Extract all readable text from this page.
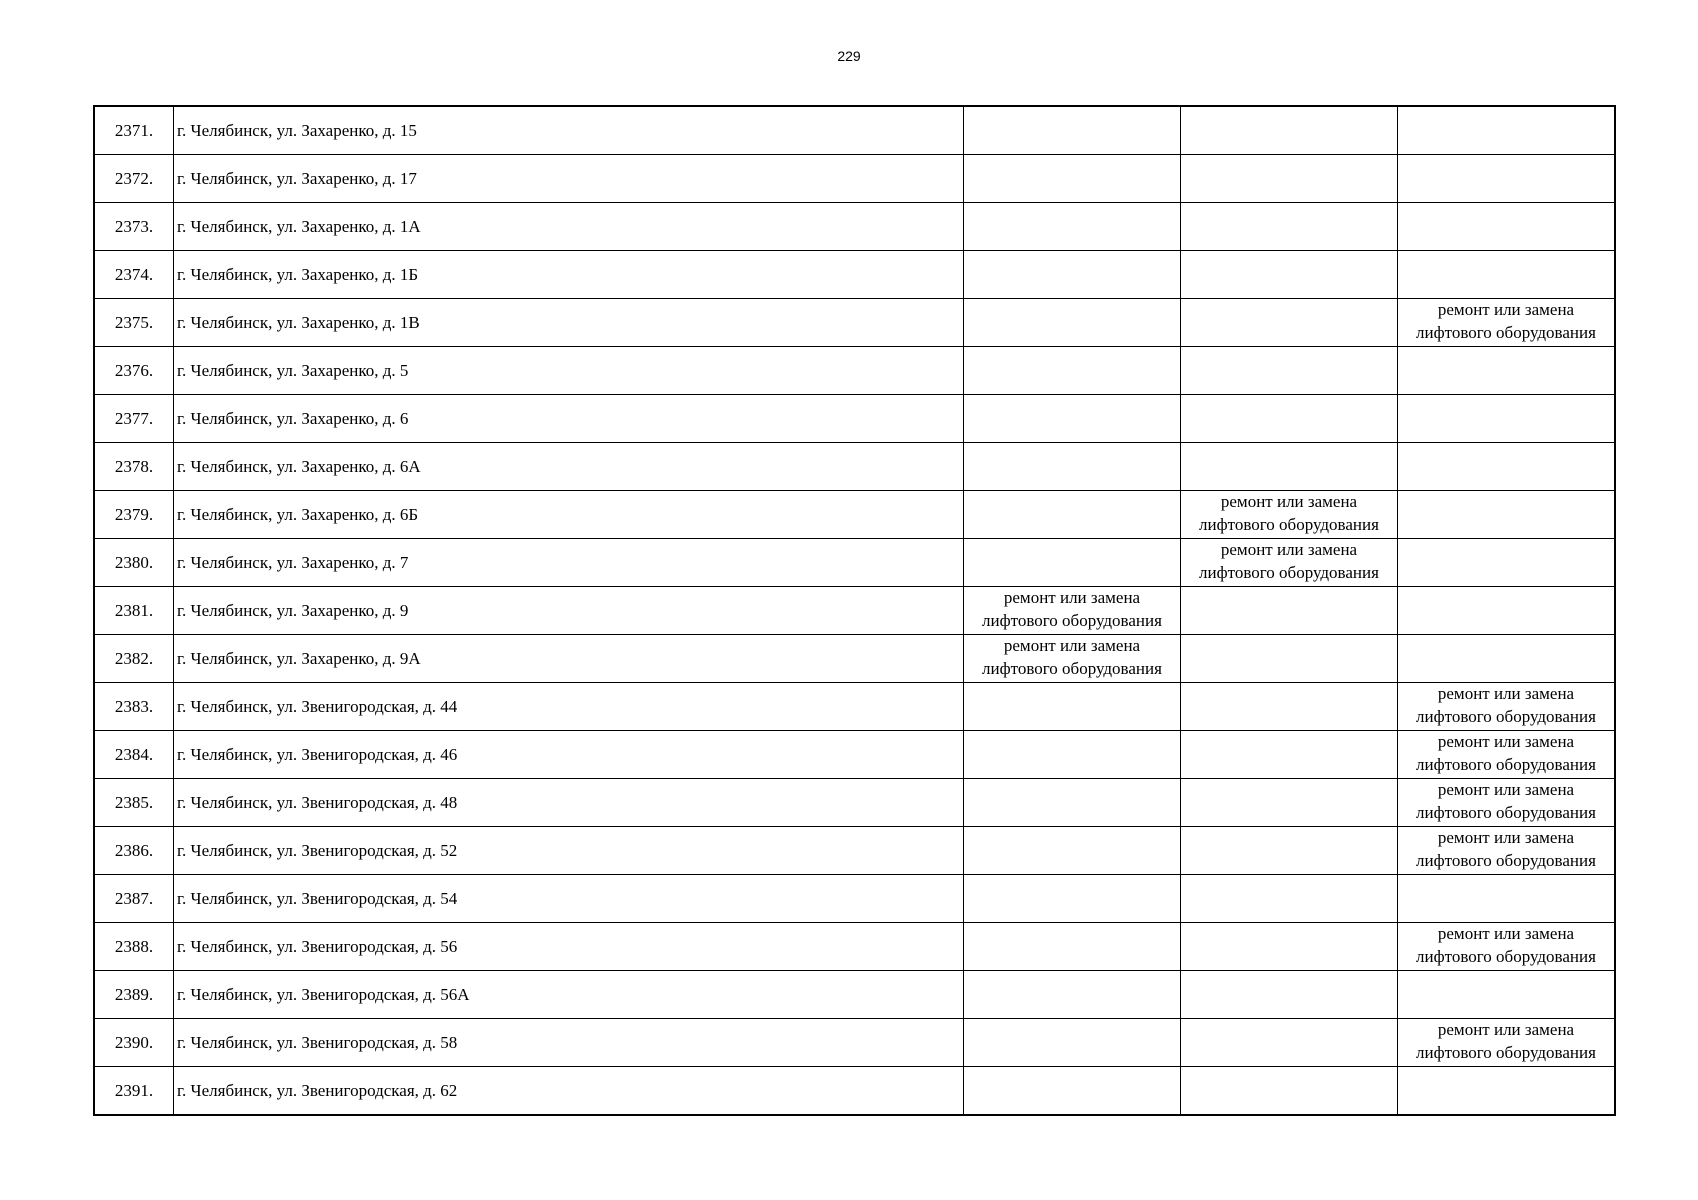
229
2371.	г. Челябинск, ул. Захаренко, д. 15	

2372.	г. Челябинск, ул. Захаренко, д. 17	

2373.	г. Челябинск, ул. Захаренко, д. 1А	

2374.	г. Челябинск, ул. Захаренко, д. 1Б	

2375.	г. Челябинск, ул. Захаренко, д. 1В			ремонт или замена
лифтового оборудования

2376.	г. Челябинск, ул. Захаренко, д. 5	

2377.	г. Челябинск, ул. Захаренко, д. 6	

2378.	г. Челябинск, ул. Захаренко, д. 6А	

2379.	г. Челябинск, ул. Захаренко, д. 6Б		ремонт или замена
лифтового оборудования	

2380.	г. Челябинск, ул. Захаренко, д. 7		ремонт или замена
лифтового оборудования	

2381.	г. Челябинск, ул. Захаренко, д. 9	ремонт или замена
лифтового оборудования		

2382.	г. Челябинск, ул. Захаренко, д. 9А	ремонт или замена
лифтового оборудования		

2383.	г. Челябинск, ул. Звенигородская, д. 44			ремонт или замена
лифтового оборудования

2384.	г. Челябинск, ул. Звенигородская, д. 46			ремонт или замена
лифтового оборудования

2385.	г. Челябинск, ул. Звенигородская, д. 48			ремонт или замена
лифтового оборудования

2386.	г. Челябинск, ул. Звенигородская, д. 52			ремонт или замена
лифтового оборудования

2387.	г. Челябинск, ул. Звенигородская, д. 54	

2388.	г. Челябинск, ул. Звенигородская, д. 56			ремонт или замена
лифтового оборудования

2389.	г. Челябинск, ул. Звенигородская, д. 56А	

2390.	г. Челябинск, ул. Звенигородская, д. 58			ремонт или замена
лифтового оборудования

2391.	г. Челябинск, ул. Звенигородская, д. 62	
